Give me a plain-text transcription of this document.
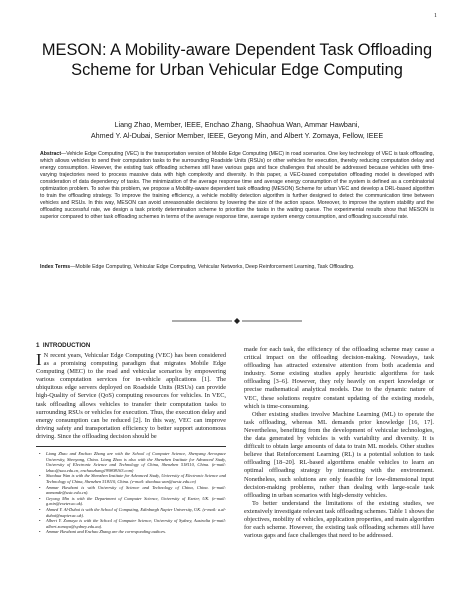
1
MESON: A Mobility-aware Dependent Task Offloading Scheme for Urban Vehicular Edge Computing
Liang Zhao, Member, IEEE, Enchao Zhang, Shaohua Wan, Ammar Hawbani,
Ahmed Y. Al-Dubai, Senior Member, IEEE, Geyong Min, and Albert Y. Zomaya, Fellow, IEEE
Abstract—Vehicle Edge Computing (VEC) is the transportation version of Mobile Edge Computing (MEC) in road scenarios. One key technology of VEC is task offloading, which allows vehicles to send their computation tasks to the surrounding Roadside Units (RSUs) or other vehicles for execution, thereby reducing computation delay and energy consumption. However, the existing task offloading schemes still have various gaps and face challenges that should be addressed because vehicles with time-varying trajectories need to process massive data with high complexity and diversity. In this paper, a VEC-based computation offloading model is developed with consideration of data dependency of tasks. The minimization of the average response time and average energy consumption of the system is defined as a combinatorial optimization problem. To solve this problem, we propose a Mobility-aware dependent task offloading (MESON) Scheme for urban VEC and develop a DRL-based algorithm to train the offloading strategy. To improve the training efficiency, a vehicle mobility detection algorithm is further designed to detect the communication time between vehicles and RSUs. In this way, MESON can avoid unreasonable decisions by lowering the size of the action space. Moreover, to improve the system stability and the offloading successful rate, we design a task priority determination scheme to prioritize the tasks in the waiting queue. The experimental results show that MESON is superior compared to other task offloading schemes in terms of the average response time, average system energy consumption, and offloading successful rate.
Index Terms—Mobile Edge Computing, Vehicular Edge Computing, Vehicular Networks, Deep Reinforcement Learning, Task Offloading.
1 INTRODUCTION

I N recent years, Vehicular Edge Computing (VEC) has been considered as a promising computing paradigm that migrates Mobile Edge Computing (MEC) to the road and vehicular scenarios by empowering various computation services for in-vehicle applications [1]. The ubiquitous edge servers deployed on Roadside Units (RSUs) can provide high-Quality of Service (QoS) computing resources for vehicles. In VEC, task offloading allows vehicles to transfer their computation tasks to surrounding RSUs or vehicles for execution. Thus, the execution delay and energy consumption can be reduced [2]. In this way, VEC can improve driving safety and transportation efficiency to better support autonomous driving. Since the offloading decision should be

• Liang Zhao and Enchao Zhang are with the School of Computer Science, Shenyang Aerospace University, Shenyang, China. Liang Zhao is also with the Shenzhen Institute for Advanced Study, University of Electronic Science and Technology of China, Shenzhen 518110, China. (e-mail: lzhao@sau.edu.cn, enchaozhang199808163.com)
• Shaohua Wan is with the Shenzhen Institute for Advanced Study, University of Electronic Science and Technology of China, Shenzhen 518110, China. (e-mail: shaohua.wan@uestc.edu.cn)
• Ammar Hawbani is with University of Science and Technology of China, China. (e-mail: anmande@ustc.edu.cn).
• Geyong Min is with the Department of Computer Science, University of Exeter, UK. (e-mail: g.min@exeter.ac.uk).
• Ahmed Y. Al-Dubai is with the School of Computing, Edinburgh Napier University, UK. (e-mail: a.al-dubai@napier.ac.uk).
• Albert Y. Zomaya is with the School of Computer Science, University of Sydney, Australia (e-mail: albert.zomaya@sydney.edu.au).
• Ammar Hawbani and Enchao Zhang are the corresponding authors.

made for each task, the efficiency of the offloading scheme may cause a critical impact on the offloading decision-making. Nowadays, task offloading has attracted extensive attention from both academia and industry. Some existing studies apply heuristic algorithms for task offloading [3–6]. However, they rely heavily on expert knowledge or precise mathematical analytical models. Due to the dynamic nature of VEC, these solutions require constant updating of the existing models, which is time-consuming.

Other existing studies involve Machine Learning (ML) to operate the task offloading, whereas ML demands prior knowledge [16, 17]. Nevertheless, benefiting from the development of vehicular technologies, the data generated by vehicles is with variability and diversity. It is difficult to obtain large amounts of data to train ML models. Other studies believe that Reinforcement Learning (RL) is a potential solution to task offloading [18–20]. RL-based algorithms enable vehicles to learn an optimal offloading strategy by interacting with the environment. Nonetheless, such solutions are only feasible for low-dimensional input decision-making problems, rather than dealing with large-scale task offloading in urban scenarios with high-density vehicles.

To better understand the limitations of the existing studies, we extensively investigate relevant task offloading schemes. Table 1 shows the objectives, mobility of vehicles, application properties, and main algorithm for each scheme. However, the existing task offloading schemes still have various gaps and face challenges that need to be addressed.
